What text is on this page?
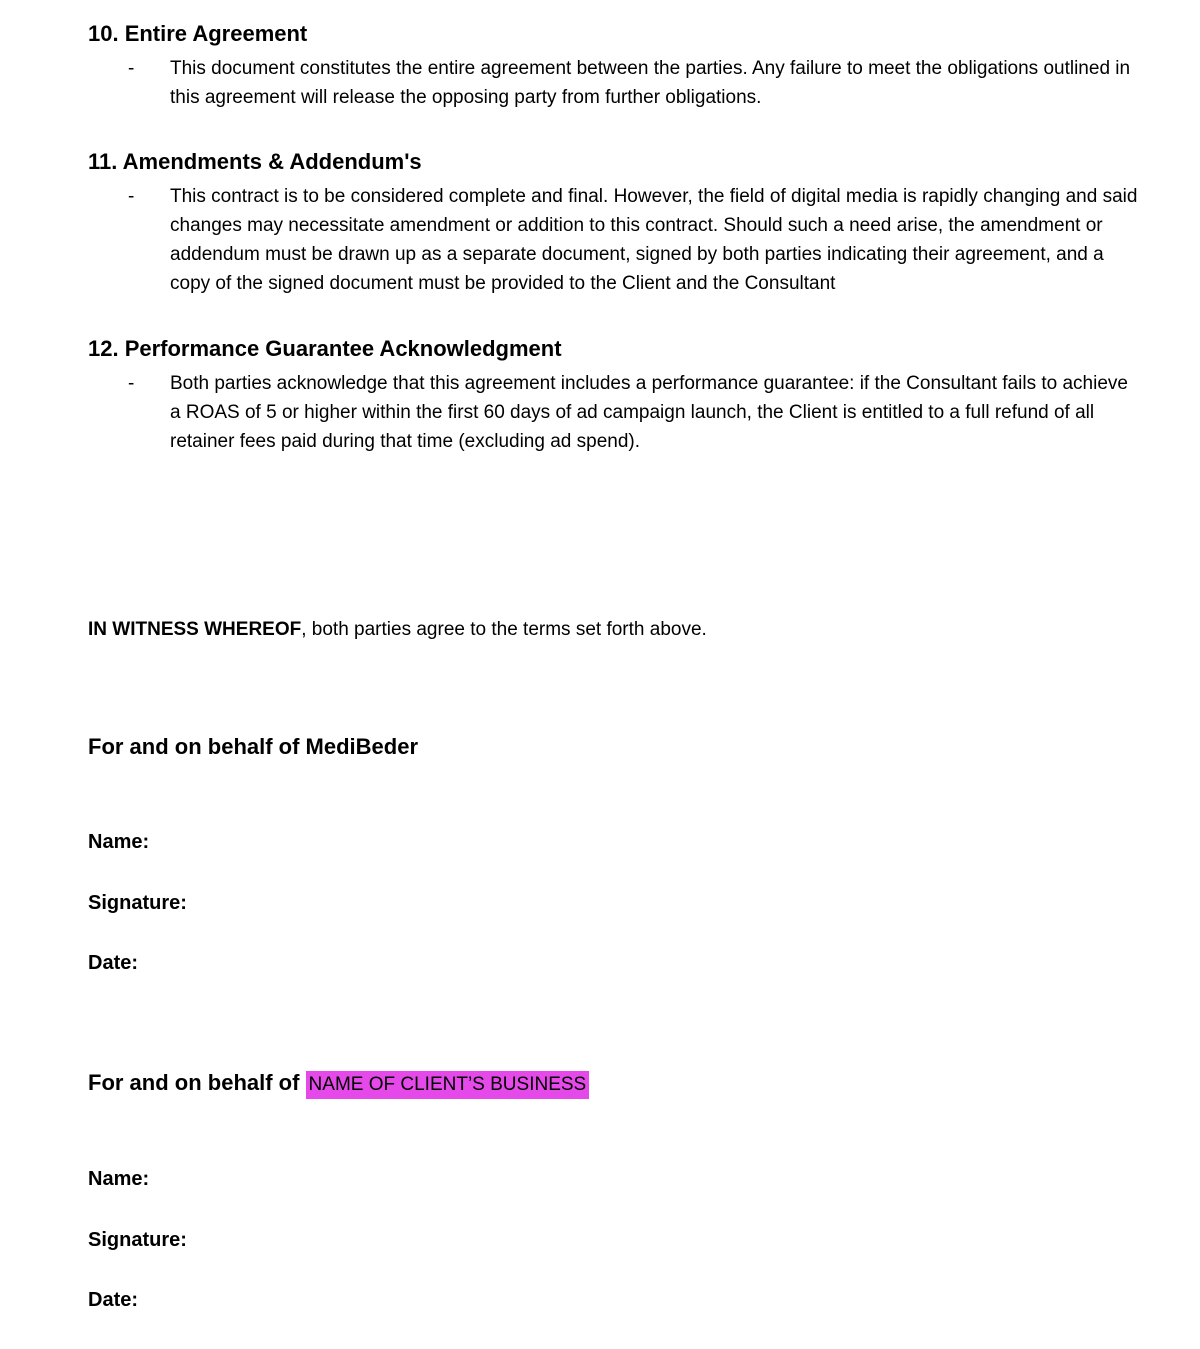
10. Entire Agreement
-	This document constitutes the entire agreement between the parties. Any failure to meet the obligations outlined in this agreement will release the opposing party from further obligations.

11. Amendments & Addendum's
-	This contract is to be considered complete and final. However, the field of digital media is rapidly changing and said changes may necessitate amendment or addition to this contract. Should such a need arise, the amendment or addendum must be drawn up as a separate document, signed by both parties indicating their agreement, and a copy of the signed document must be provided to the Client and the Consultant

12. Performance Guarantee Acknowledgment
-	Both parties acknowledge that this agreement includes a performance guarantee: if the Consultant fails to achieve a ROAS of 5 or higher within the first 60 days of ad campaign launch, the Client is entitled to a full refund of all retainer fees paid during that time (excluding ad spend).

IN WITNESS WHEREOF, both parties agree to the terms set forth above.

For and on behalf of MediBeder

Name:

Signature:

Date:

For and on behalf of NAME OF CLIENT’S BUSINESS

Name:

Signature:

Date:
